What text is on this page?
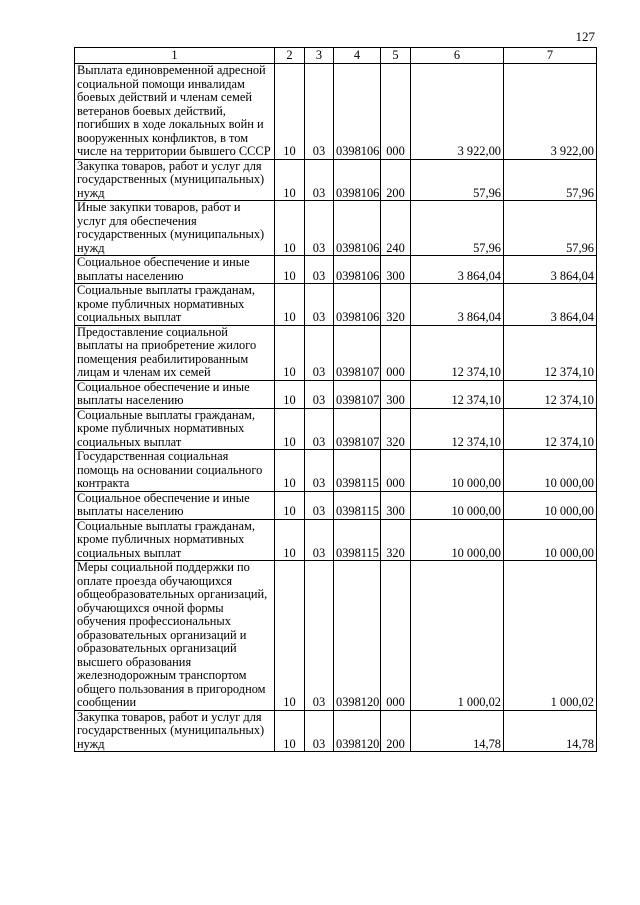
127
1	2	3	4	5	6	7
Выплата единовременной адресной социальной помощи инвалидам боевых действий и членам семей ветеранов боевых действий, погибших в ходе локальных войн и вооруженных конфликтов, в том числе на территории бывшего СССР	10	03	0398106	000	3 922,00	3 922,00
Закупка товаров, работ и услуг для государственных (муниципальных) нужд	10	03	0398106	200	57,96	57,96
Иные закупки товаров, работ и услуг для обеспечения государственных (муниципальных) нужд	10	03	0398106	240	57,96	57,96
Социальное обеспечение и иные выплаты населению	10	03	0398106	300	3 864,04	3 864,04
Социальные выплаты гражданам, кроме публичных нормативных социальных выплат	10	03	0398106	320	3 864,04	3 864,04
Предоставление социальной выплаты на приобретение жилого помещения реабилитированным лицам и членам их семей	10	03	0398107	000	12 374,10	12 374,10
Социальное обеспечение и иные выплаты населению	10	03	0398107	300	12 374,10	12 374,10
Социальные выплаты гражданам, кроме публичных нормативных социальных выплат	10	03	0398107	320	12 374,10	12 374,10
Государственная социальная помощь на основании социального контракта	10	03	0398115	000	10 000,00	10 000,00
Социальное обеспечение и иные выплаты населению	10	03	0398115	300	10 000,00	10 000,00
Социальные выплаты гражданам, кроме публичных нормативных социальных выплат	10	03	0398115	320	10 000,00	10 000,00
Меры социальной поддержки по оплате проезда обучающихся общеобразовательных организаций, обучающихся очной формы обучения профессиональных образовательных организаций и образовательных организаций высшего образования железнодорожным транспортом общего пользования в пригородном сообщении	10	03	0398120	000	1 000,02	1 000,02
Закупка товаров, работ и услуг для государственных (муниципальных) нужд	10	03	0398120	200	14,78	14,78
